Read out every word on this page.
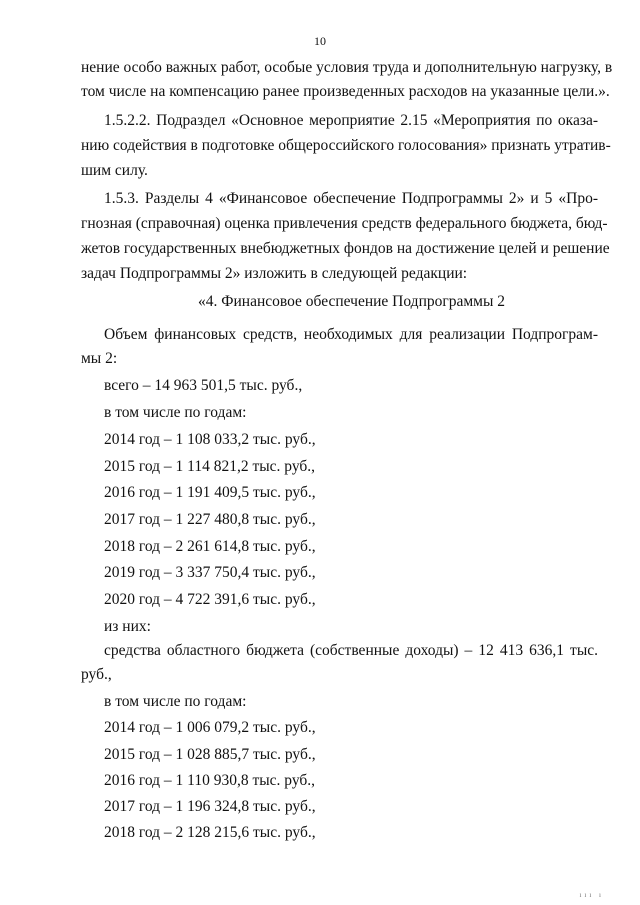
10
нение особо важных работ, особые условия труда и дополнительную нагрузку, в
том числе на компенсацию ранее произведенных расходов на указанные цели.».
1.5.2.2. Подраздел «Основное мероприятие 2.15 «Мероприятия по оказа-
нию содействия в подготовке общероссийского голосования» признать утратив-
шим силу.
1.5.3. Разделы 4 «Финансовое обеспечение Подпрограммы 2» и 5 «Про-
гнозная (справочная) оценка привлечения средств федерального бюджета, бюд-
жетов государственных внебюджетных фондов на достижение целей и решение
задач Подпрограммы 2» изложить в следующей редакции:
«4. Финансовое обеспечение Подпрограммы 2
Объем финансовых средств, необходимых для реализации Подпрограм-
мы 2:
всего – 14 963 501,5 тыс. руб.,
в том числе по годам:
2014 год – 1 108 033,2 тыс. руб.,
2015 год – 1 114 821,2 тыс. руб.,
2016 год – 1 191 409,5 тыс. руб.,
2017 год – 1 227 480,8 тыс. руб.,
2018 год – 2 261 614,8 тыс. руб.,
2019 год – 3 337 750,4 тыс. руб.,
2020 год – 4 722 391,6 тыс. руб.,
из них:
средства областного бюджета (собственные доходы) – 12 413 636,1 тыс.
руб.,
в том числе по годам:
2014 год – 1 006 079,2 тыс. руб.,
2015 год – 1 028 885,7 тыс. руб.,
2016 год – 1 110 930,8 тыс. руб.,
2017 год – 1 196 324,8 тыс. руб.,
2018 год – 2 128 215,6 тыс. руб.,
ııı ı
